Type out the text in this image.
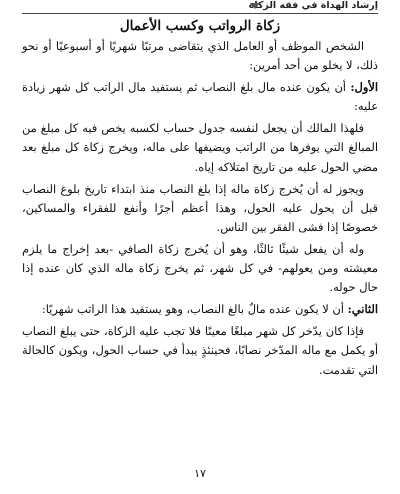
إرشاد الهداة في فقه الزكاة
زكاة الرواتب وكسب الأعمال

الشخص الموظف أو العامل الذي يتقاضى مرتبًا شهريًا أو أسبوعيًا أو نحو ذلك، لا يخلو من أحد أمرين:

الأول: أن يكون عنده مال بلغ النصاب ثم يستفيد مال الراتب كل شهر زيادة عليه:

فلهذا المالك أن يجعل لنفسه جدول حساب لكسبه يخص فيه كل مبلغ من المبالغ التي يوفرها من الراتب ويضيفها على ماله، ويخرج زكاة كل مبلغ بعد مضي الحول عليه من تاريخ امتلاكه إياه.

ويجوز له أن يُخرج زكاة ماله إذا بلغ النصاب منذ ابتداء تاريخ بلوغ النصاب قبل أن يحول عليه الحول، وهذا أعظم أجرًا وأنفع للفقراء والمساكين، خصوصًا إذا فشى الفقر بين الناس.

وله أن يفعل شيئًا ثالثًا، وهو أن يُخرج زكاة الصافي -بعد إخراج ما يلزم معيشته ومن يعولهم- في كل شهر، ثم يخرج زكاة ماله الذي كان عنده إذا حال حوله.

الثاني: أن لا يكون عنده مالٌ بالغ النصاب، وهو يستفيد هذا الراتب شهريًا:

فإذا كان يدّخر كل شهر مبلغًا معينًا فلا تجب عليه الزكاة، حتى يبلغ النصاب أو يكمل مع ماله المدّخر نصابًا، فحينئذٍ يبدأ في حساب الحول، ويكون كالحالة التي تقدمت.

١٧
